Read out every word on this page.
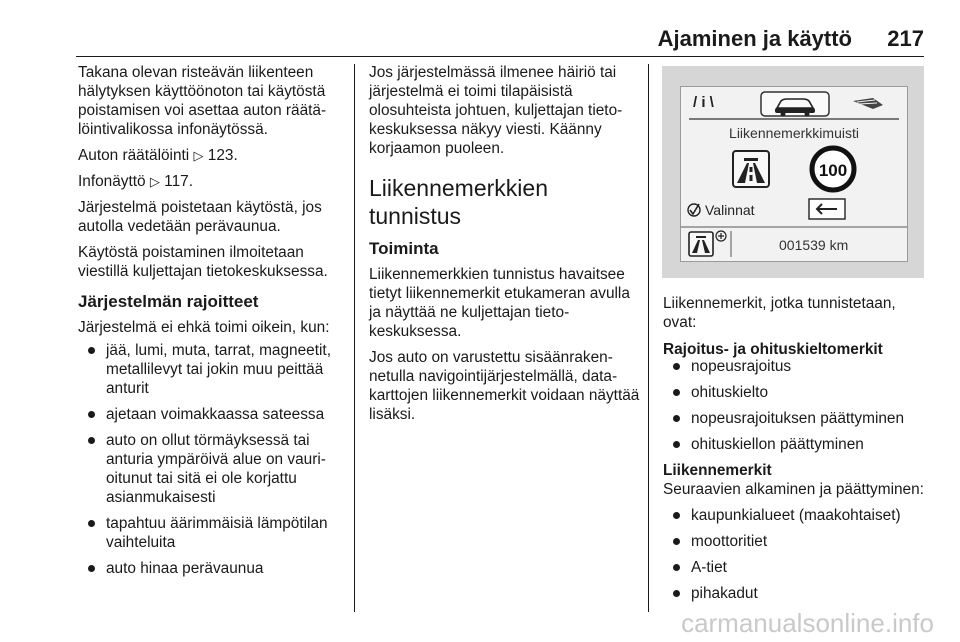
Ajaminen ja käyttö 217

Takana olevan risteävän liikenteen hälytyksen käyttöönoton tai käytöstä poistamisen voi asettaa auton räätälöintivalikossa infonäytössä.

Auton räätälöinti ▷ 123.

Infonäyttö ▷ 117.

Järjestelmä poistetaan käytöstä, jos autolla vedetään perävaunua.

Käytöstä poistaminen ilmoitetaan viestillä kuljettajan tietokeskuksessa.

Järjestelmän rajoitteet

Järjestelmä ei ehkä toimi oikein, kun:

jää, lumi, muta, tarrat, magneetit, metallilevyt tai jokin muu peittää anturit
ajetaan voimakkaassa sateessa
auto on ollut törmäyksessä tai anturia ympäröivä alue on vaurioitunut tai sitä ei ole korjattu asianmukaisesti
tapahtuu äärimmäisiä lämpötilan vaihteluita
auto hinaa perävaunua

Jos järjestelmässä ilmenee häiriö tai järjestelmä ei toimi tilapäisistä olosuhteista johtuen, kuljettajan tietokeskuksessa näkyy viesti. Käänny korjaamon puoleen.

Liikennemerkkien tunnistus
Toiminta

Liikennemerkkien tunnistus havaitsee tietyt liikennemerkit etukameran avulla ja näyttää ne kuljettajan tietokeskuksessa.

Jos auto on varustettu sisäänrakennetulla navigointijärjestelmällä, datakarttojen liikennemerkit voidaan näyttää lisäksi.

/ i \
Liikennemerkkimuisti
100
Valinnat
001539 km

Liikennemerkit, jotka tunnistetaan, ovat:

Rajoitus- ja ohituskieltomerkit

nopeusrajoitus
ohituskielto
nopeusrajoituksen päättyminen
ohituskiellon päättyminen

Liikennemerkit

Seuraavien alkaminen ja päättyminen:

kaupunkialueet (maakohtaiset)
moottoritiet
A-tiet
pihakadut
carmanualsonline.info
